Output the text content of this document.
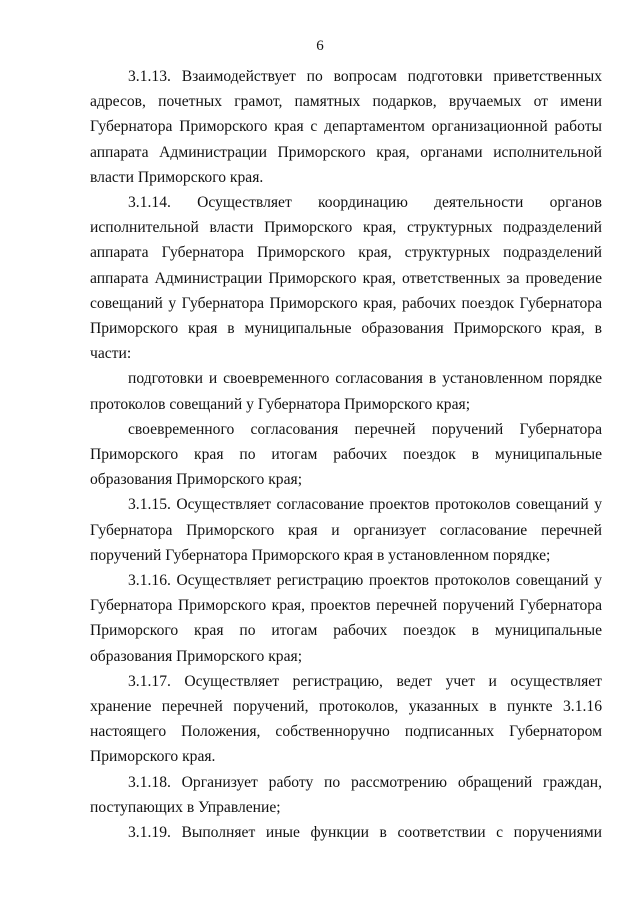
6

3.1.13. Взаимодействует по вопросам подготовки приветственных адресов, почетных грамот, памятных подарков, вручаемых от имени Губернатора Приморского края с департаментом организационной работы аппарата Администрации Приморского края, органами исполнительной власти Приморского края.

3.1.14. Осуществляет координацию деятельности органов исполнительной власти Приморского края, структурных подразделений аппарата Губернатора Приморского края, структурных подразделений аппарата Администрации Приморского края, ответственных за проведение совещаний у Губернатора Приморского края, рабочих поездок Губернатора Приморского края в муниципальные образования Приморского края, в части:

подготовки и своевременного согласования в установленном порядке протоколов совещаний у Губернатора Приморского края;

своевременного согласования перечней поручений Губернатора Приморского края по итогам рабочих поездок в муниципальные образования Приморского края;

3.1.15. Осуществляет согласование проектов протоколов совещаний у Губернатора Приморского края и организует согласование перечней поручений Губернатора Приморского края в установленном порядке;

3.1.16. Осуществляет регистрацию проектов протоколов совещаний у Губернатора Приморского края, проектов перечней поручений Губернатора Приморского края по итогам рабочих поездок в муниципальные образования Приморского края;

3.1.17. Осуществляет регистрацию, ведет учет и осуществляет хранение перечней поручений, протоколов, указанных в пункте 3.1.16 настоящего Положения, собственноручно подписанных Губернатором Приморского края.

3.1.18. Организует работу по рассмотрению обращений граждан, поступающих в Управление;

3.1.19. Выполняет иные функции в соответствии с поручениями
